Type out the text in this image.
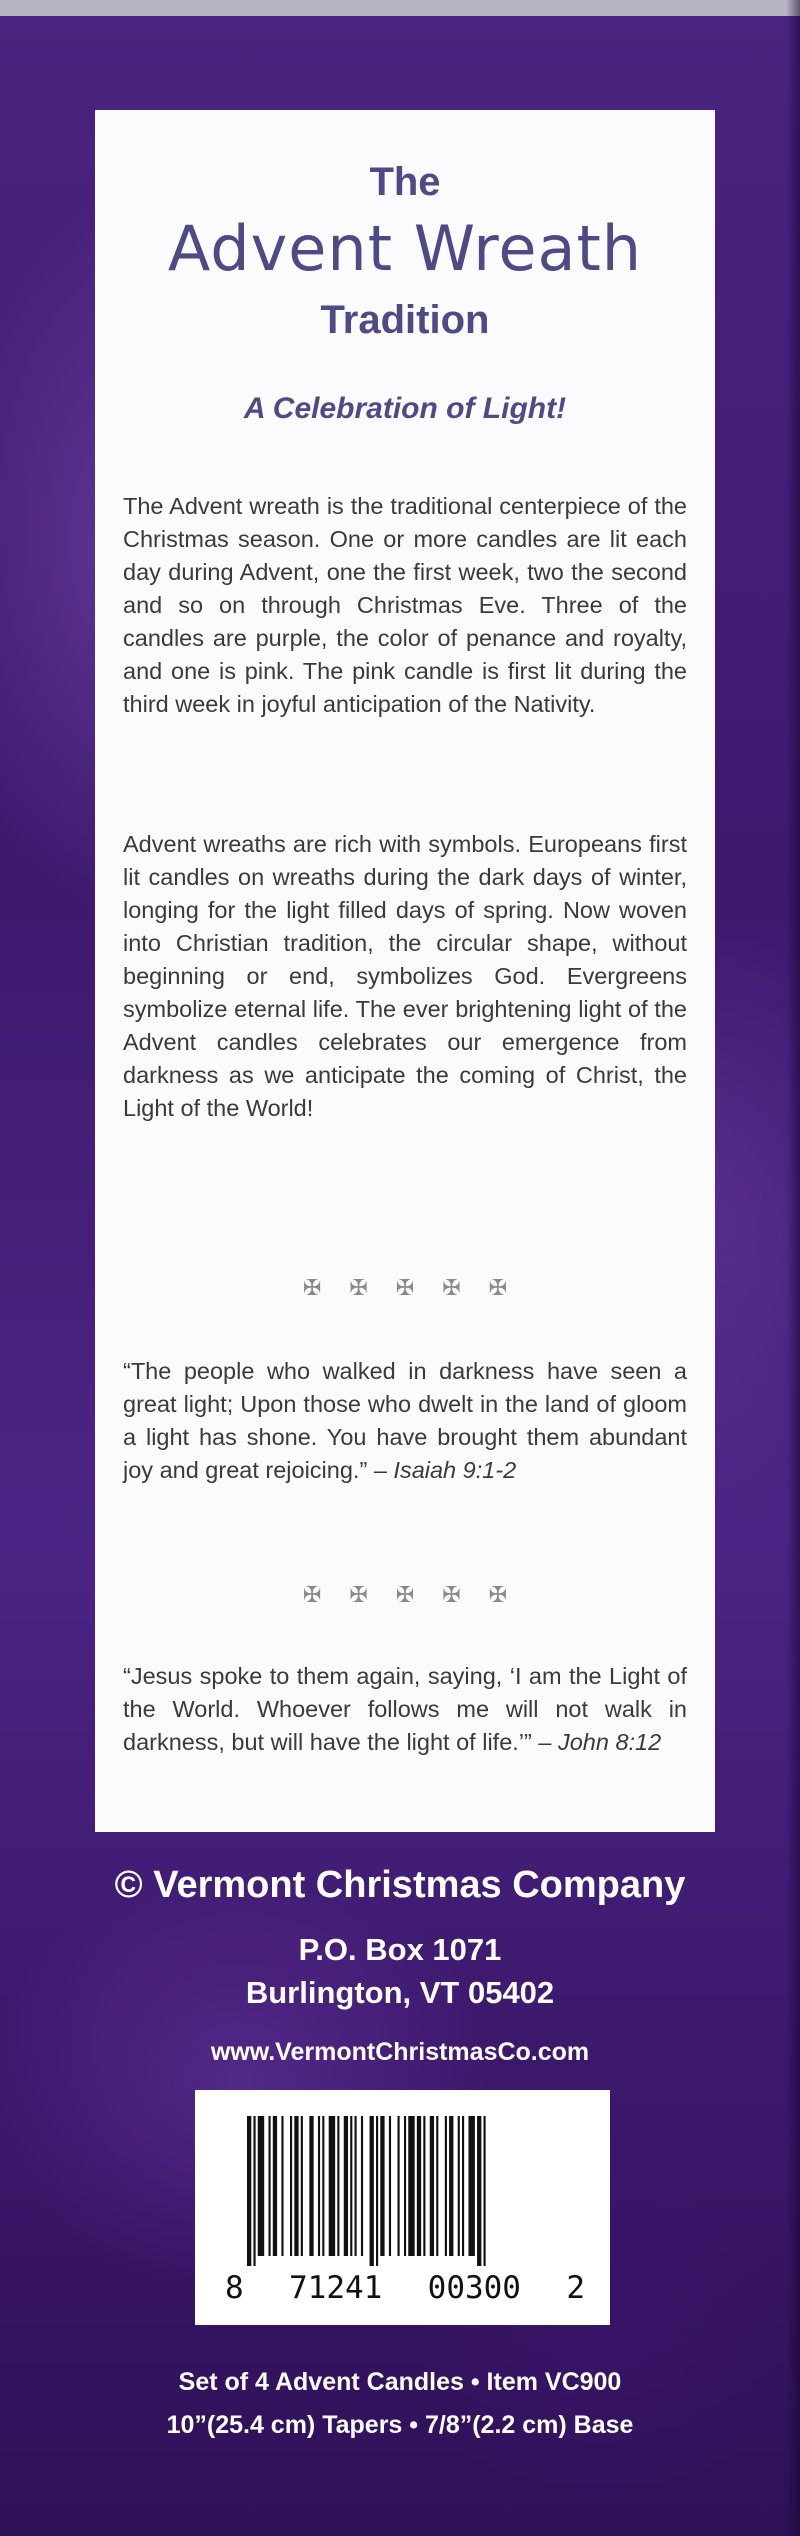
The
Advent Wreath
Tradition
A Celebration of Light!

The Advent wreath is the traditional centerpiece of the Christmas season. One or more candles are lit each day during Advent, one the first week, two the second and so on through Christmas Eve. Three of the candles are purple, the color of penance and royalty, and one is pink. The pink candle is first lit during the third week in joyful anticipation of the Nativity.

Advent wreaths are rich with symbols. Europeans first lit candles on wreaths during the dark days of winter, longing for the light filled days of spring. Now woven into Christian tradition, the circular shape, without beginning or end, symbolizes God. Evergreens symbolize eternal life. The ever brightening light of the Advent candles celebrates our emergence from darkness as we anticipate the coming of Christ, the Light of the World!

✠✠✠✠✠

“The people who walked in darkness have seen a great light; Upon those who dwelt in the land of gloom a light has shone. You have brought them abundant joy and great rejoicing.” – Isaiah 9:1-2

✠✠✠✠✠

“Jesus spoke to them again, saying, ‘I am the Light of the World. Whoever follows me will not walk in darkness, but will have the light of life.’” – John 8:12

© Vermont Christmas Company
P.O. Box 1071
Burlington, VT 05402
www.VermontChristmasCo.com
8 71241 00300 2
Set of 4 Advent Candles • Item VC900
10”(25.4 cm) Tapers • 7/8”(2.2 cm) Base
